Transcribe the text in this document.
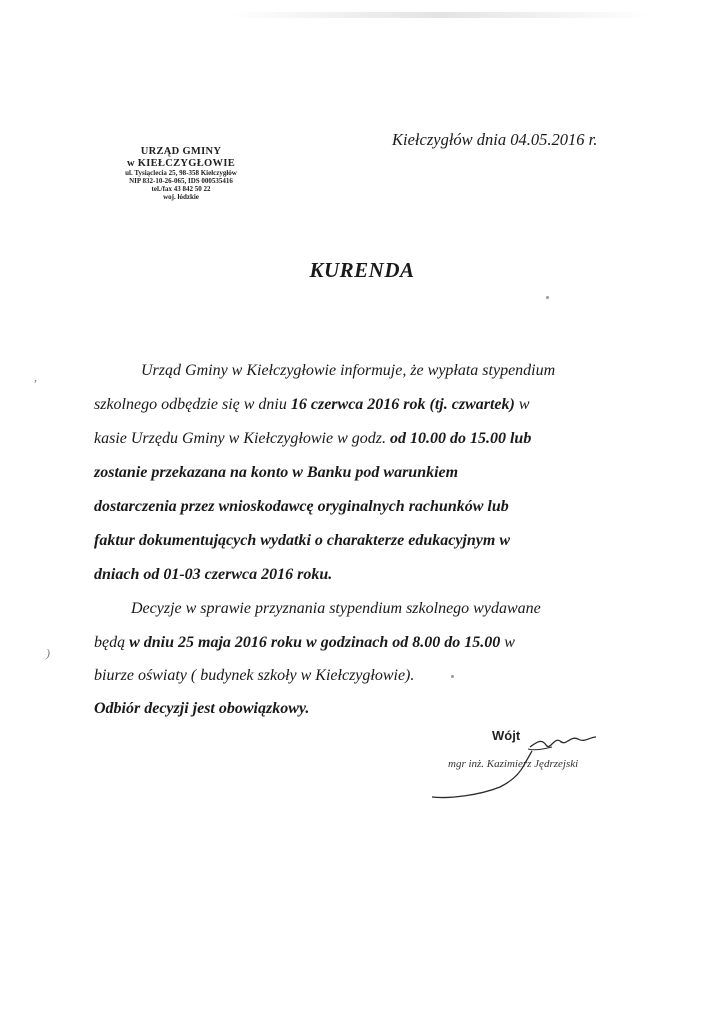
,
)
URZĄD GMINY
w KIEŁCZYGŁOWIE
ul. Tysiąclecia 25, 98-358 Kiełczygłów
NIP 832-10-26-065, IDS 000535416
tel./fax 43 842 50 22
woj. łódzkie
Kiełczygłów dnia 04.05.2016 r.
KURENDA
Urząd Gminy w Kiełczygłowie informuje, że wypłata stypendium
szkolnego odbędzie się w dniu 16 czerwca 2016 rok (tj. czwartek) w
kasie Urzędu Gminy w Kiełczygłowie w godz. od 10.00 do 15.00 lub
zostanie przekazana na konto w Banku pod warunkiem
dostarczenia przez wnioskodawcę oryginalnych rachunków lub
faktur dokumentujących wydatki o charakterze edukacyjnym w
dniach od 01-03 czerwca 2016 roku.
Decyzje w sprawie przyznania stypendium szkolnego wydawane
będą w dniu 25 maja 2016 roku w godzinach od 8.00 do 15.00 w
biurze oświaty ( budynek szkoły w Kiełczygłowie).
Odbiór decyzji jest obowiązkowy.
Wójt
mgr inż. Kazimierz Jędrzejski
